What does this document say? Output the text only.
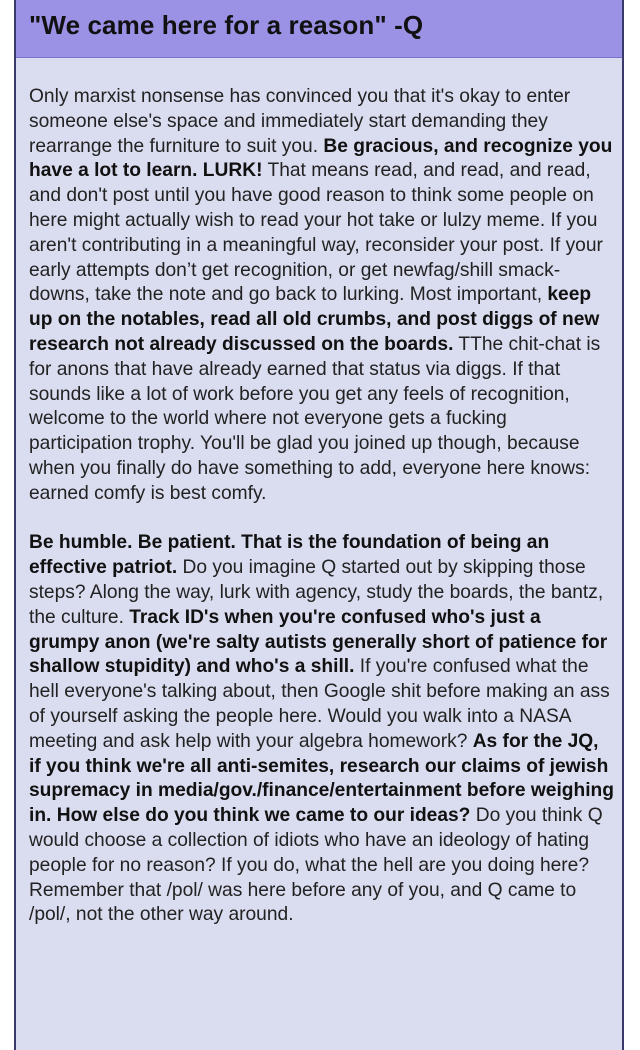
"We came here for a reason" -Q

Only marxist nonsense has convinced you that it's okay to enter someone else's space and immediately start demanding they rearrange the furniture to suit you. Be gracious, and recognize you have a lot to learn. LURK! That means read, and read, and read, and don't post until you have good reason to think some people on here might actually wish to read your hot take or lulzy meme. If you aren't contributing in a meaningful way, reconsider your post. If your early attempts don’t get recognition, or get newfag/shill smack-downs, take the note and go back to lurking. Most important, keep up on the notables, read all old crumbs, and post diggs of new research not already discussed on the boards. TThe chit-chat is for anons that have already earned that status via diggs. If that sounds like a lot of work before you get any feels of recognition, welcome to the world where not everyone gets a fucking participation trophy. You'll be glad you joined up though, because when you finally do have something to add, everyone here knows: earned comfy is best comfy.

Be humble. Be patient. That is the foundation of being an effective patriot. Do you imagine Q started out by skipping those steps? Along the way, lurk with agency, study the boards, the bantz, the culture. Track ID's when you're confused who's just a grumpy anon (we're salty autists generally short of patience for shallow stupidity) and who's a shill. If you're confused what the hell everyone's talking about, then Google shit before making an ass of yourself asking the people here. Would you walk into a NASA meeting and ask help with your algebra homework? As for the JQ, if you think we're all anti-semites, research our claims of jewish supremacy in media/gov./finance/entertainment before weighing in. How else do you think we came to our ideas? Do you think Q would choose a collection of idiots who have an ideology of hating people for no reason? If you do, what the hell are you doing here? Remember that /pol/ was here before any of you, and Q came to /pol/, not the other way around.
